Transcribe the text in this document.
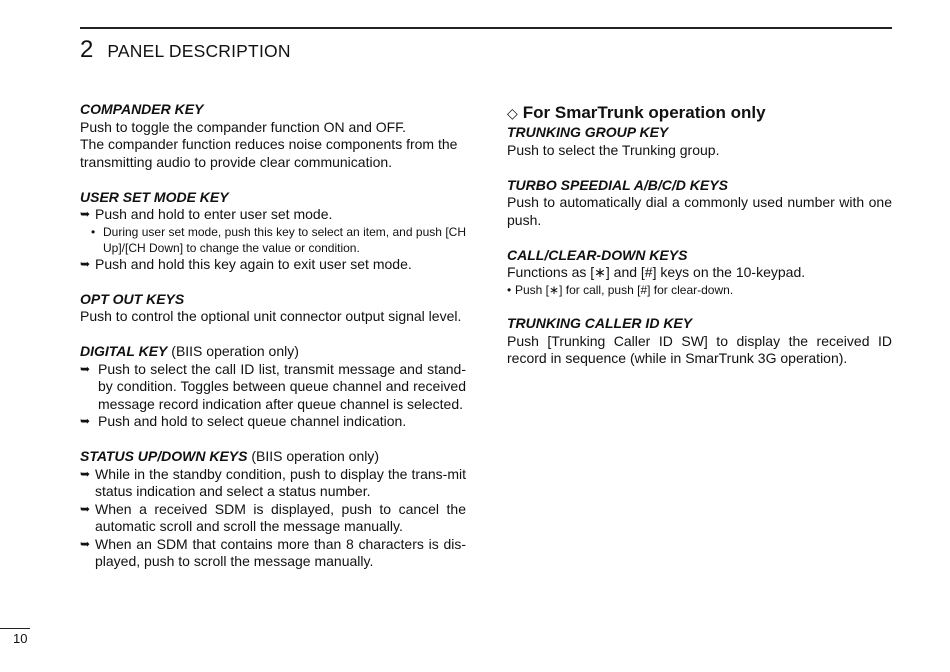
2 PANEL DESCRIPTION

COMPANDER KEY

Push to toggle the compander function ON and OFF.

The compander function reduces noise components from the transmitting audio to provide clear communication.

USER SET MODE KEY

➥ Push and hold to enter user set mode.
• During user set mode, push this key to select an item, and push [CH Up]/[CH Down] to change the value or condition.
➥ Push and hold this key again to exit user set mode.

OPT OUT KEYS

Push to control the optional unit connector output signal level.

DIGITAL KEY (BIIS operation only)

➥ Push to select the call ID list, transmit message and stand-by condition. Toggles between queue channel and received message record indication after queue channel is selected.
➥ Push and hold to select queue channel indication.

STATUS UP/DOWN KEYS (BIIS operation only)

➥ While in the standby condition, push to display the trans-mit status indication and select a status number.
➥ When a received SDM is displayed, push to cancel the automatic scroll and scroll the message manually.
➥ When an SDM that contains more than 8 characters is dis-played, push to scroll the message manually.
◇ For SmarTrunk operation only

TRUNKING GROUP KEY

Push to select the Trunking group.

TURBO SPEEDIAL A/B/C/D KEYS

Push to automatically dial a commonly used number with one push.

CALL/CLEAR-DOWN KEYS

Functions as [∗] and [#] keys on the 10-keypad.

• Push [∗] for call, push [#] for clear-down.

TRUNKING CALLER ID KEY

Push [Trunking Caller ID SW] to display the received ID record in sequence (while in SmarTrunk 3G operation).

10
